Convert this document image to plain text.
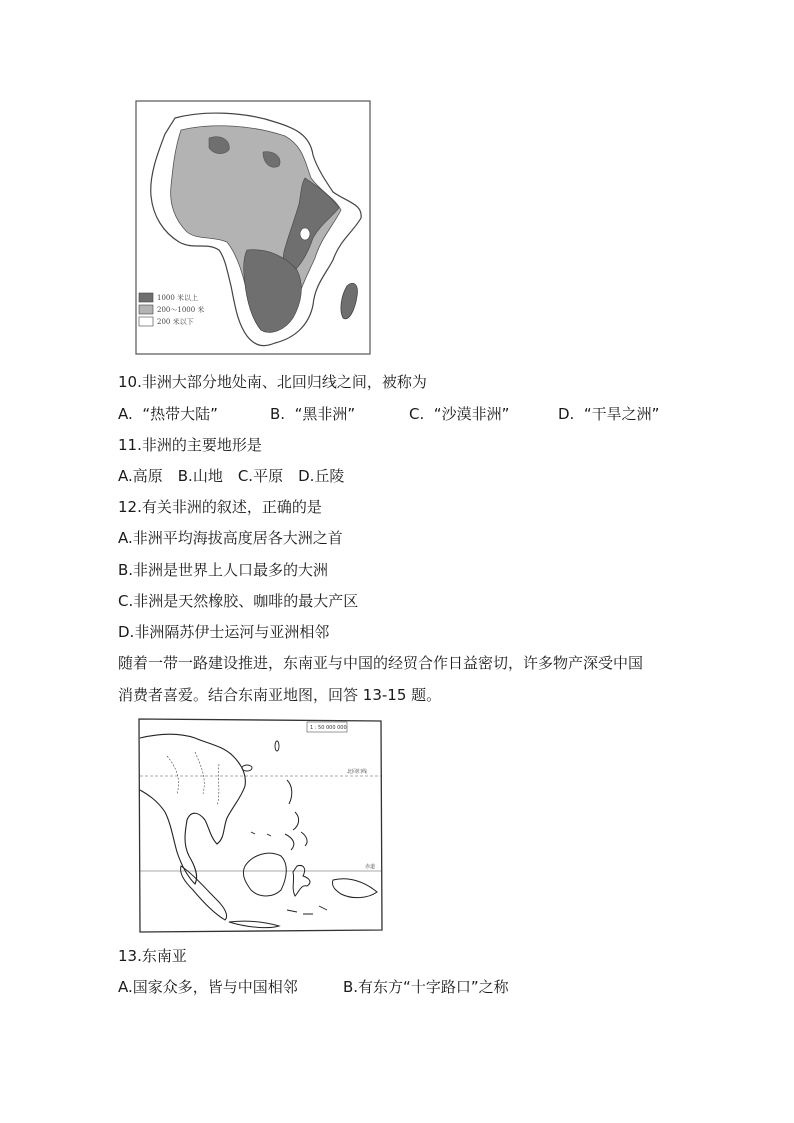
1000 米以上
200～1000 米
200 米以下
10.非洲大部分地处南、北回归线之间，被称为
A. “热带大陆”	B. “黑非洲”	C. “沙漠非洲”	D. “干旱之洲”
11.非洲的主要地形是
A.高原　B.山地　C.平原　D.丘陵
12.有关非洲的叙述，正确的是
A.非洲平均海拔高度居各大洲之首
B.非洲是世界上人口最多的大洲
C.非洲是天然橡胶、咖啡的最大产区
D.非洲隔苏伊士运河与亚洲相邻
随着一带一路建设推进，东南亚与中国的经贸合作日益密切，许多物产深受中国
消费者喜爱。结合东南亚地图，回答 13-15 题。
1 : 50 000 000
北回归线
赤道
13.东南亚
A.国家众多，皆与中国相邻	B.有东方“十字路口”之称
